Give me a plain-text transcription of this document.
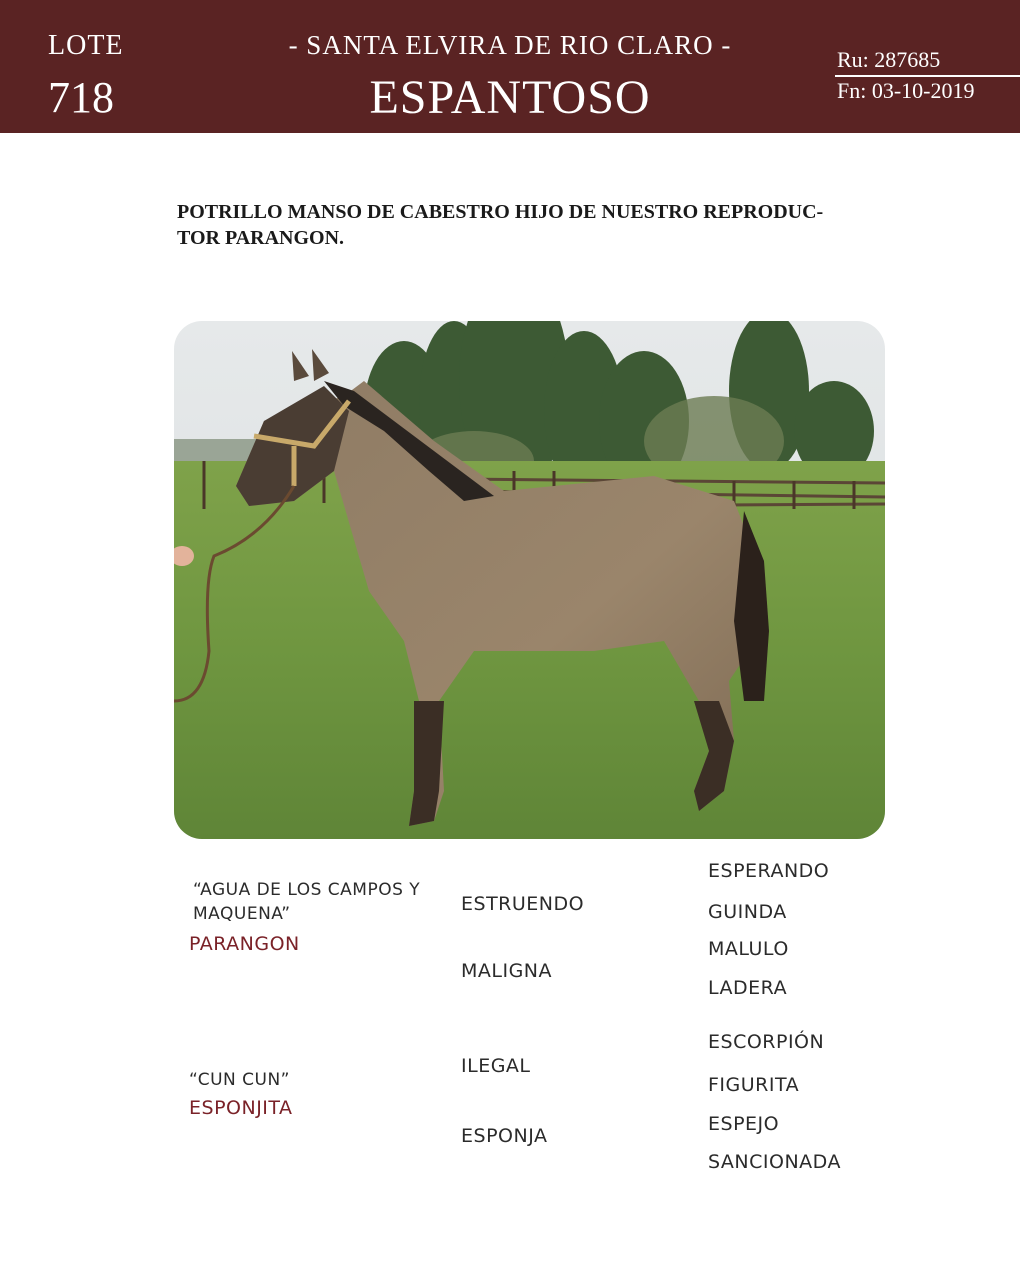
LOTE
718
- SANTA ELVIRA DE RIO CLARO -
ESPANTOSO
Ru: 287685
Fn: 03-10-2019
POTRILLO MANSO DE CABESTRO HIJO DE NUESTRO REPRODUC- TOR PARANGON.
“AGUA DE LOS CAMPOS Y
MAQUENA”
PARANGON
“CUN CUN”
ESPONJITA
ESTRUENDO
MALIGNA
ILEGAL
ESPONJA
ESPERANDO
GUINDA
MALULO
LADERA
ESCORPIÓN
FIGURITA
ESPEJO
SANCIONADA
